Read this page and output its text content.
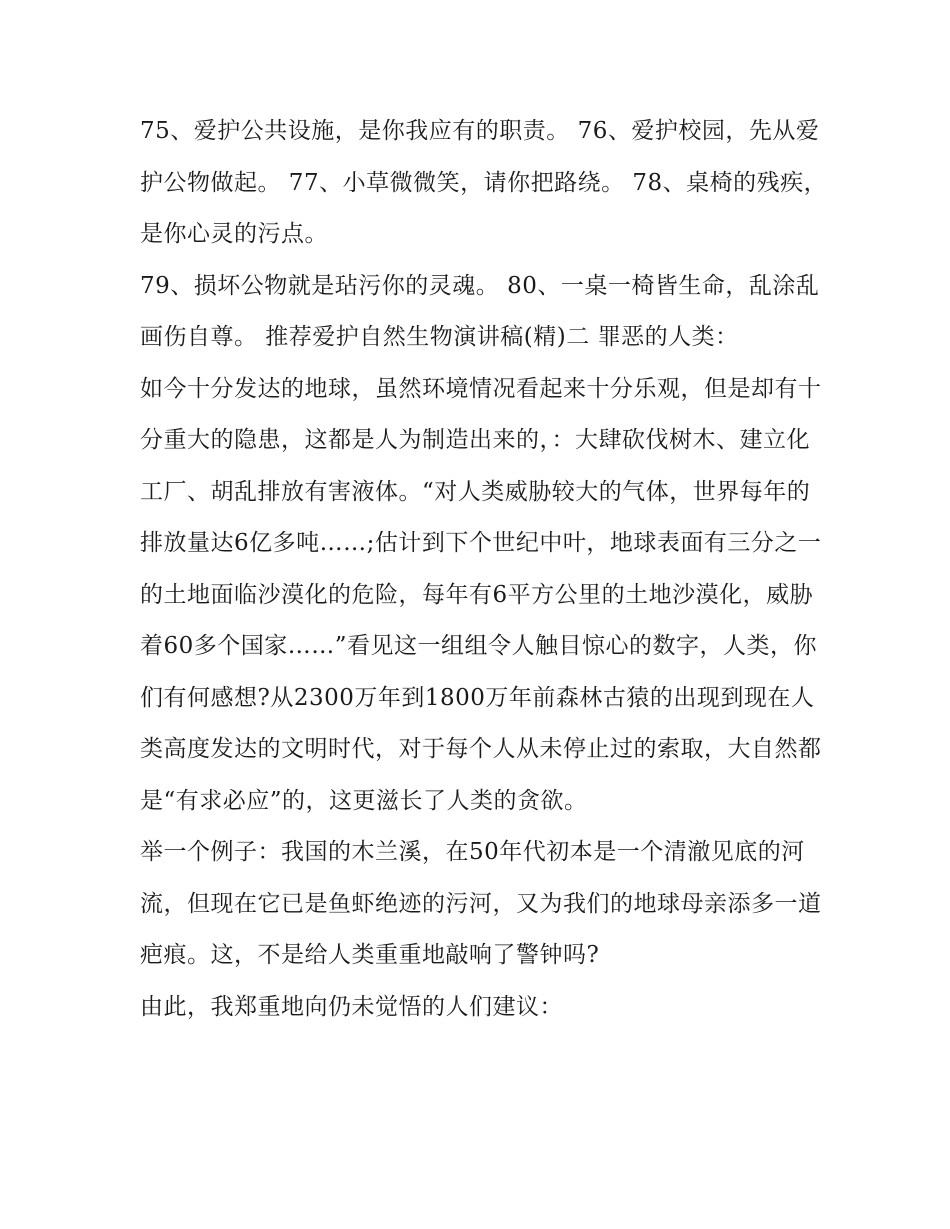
75、爱护公共设施，是你我应有的职责。 76、爱护校园，先从爱护公物做起。 77、小草微微笑，请你把路绕。 78、桌椅的残疾，是你心灵的污点。

79、损坏公物就是玷污你的灵魂。 80、一桌一椅皆生命，乱涂乱画伤自尊。 推荐爱护自然生物演讲稿(精)二 罪恶的人类：

如今十分发达的地球，虽然环境情况看起来十分乐观，但是却有十分重大的隐患，这都是人为制造出来的，：大肆砍伐树木、建立化工厂、胡乱排放有害液体。“对人类威胁较大的气体，世界每年的排放量达6亿多吨……;估计到下个世纪中叶，地球表面有三分之一的土地面临沙漠化的危险，每年有6平方公里的土地沙漠化，威胁着60多个国家……”看见这一组组令人触目惊心的数字，人类，你们有何感想?从2300万年到1800万年前森林古猿的出现到现在人类高度发达的文明时代，对于每个人从未停止过的索取，大自然都是“有求必应”的，这更滋长了人类的贪欲。

举一个例子：我国的木兰溪，在50年代初本是一个清澈见底的河流，但现在它已是鱼虾绝迹的污河，又为我们的地球母亲添多一道疤痕。这，不是给人类重重地敲响了警钟吗?

由此，我郑重地向仍未觉悟的人们建议：
